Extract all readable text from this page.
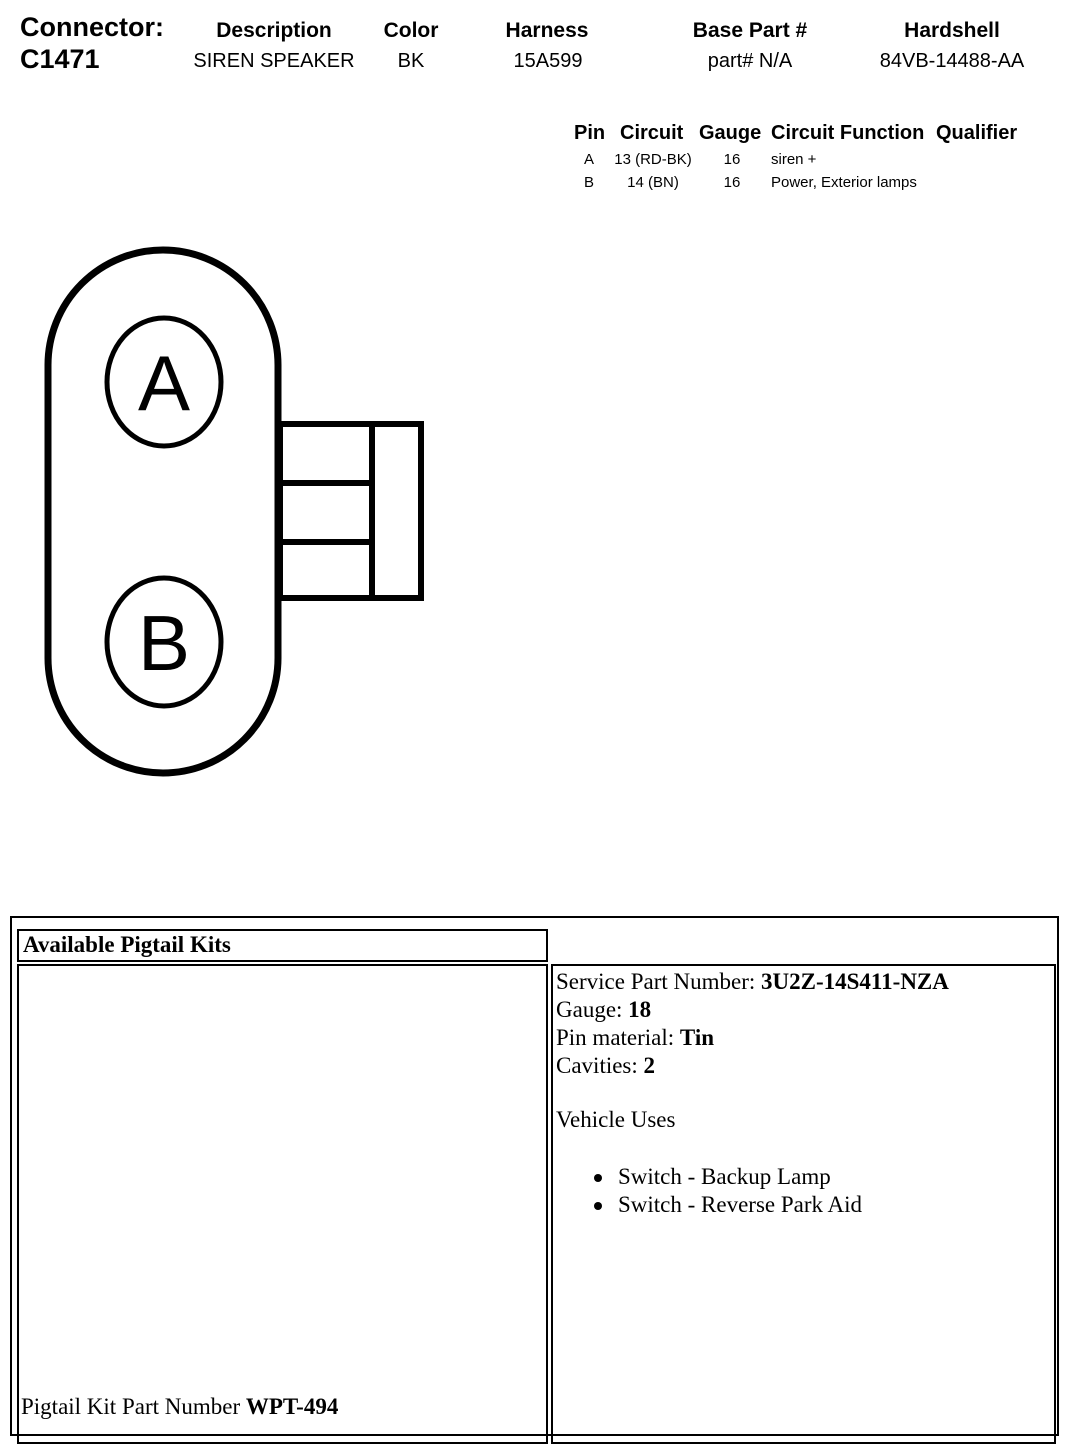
Connector:
C1471
Description
SIREN SPEAKER
Color
BK
Harness
15A599
Base Part #
part# N/A
Hardshell
84VB-14488-AA
Pin Circuit Gauge Circuit Function Qualifier
A 13 (RD-BK) 16 siren +
B 14 (BN)	16 Power, Exterior lamps
A
B
Available Pigtail Kits
Pigtail Kit Part Number WPT-494
Service Part Number: 3U2Z-14S411-NZA
Gauge: 18
Pin material: Tin
Cavities: 2
Vehicle Uses
Switch - Backup Lamp
Switch - Reverse Park Aid
